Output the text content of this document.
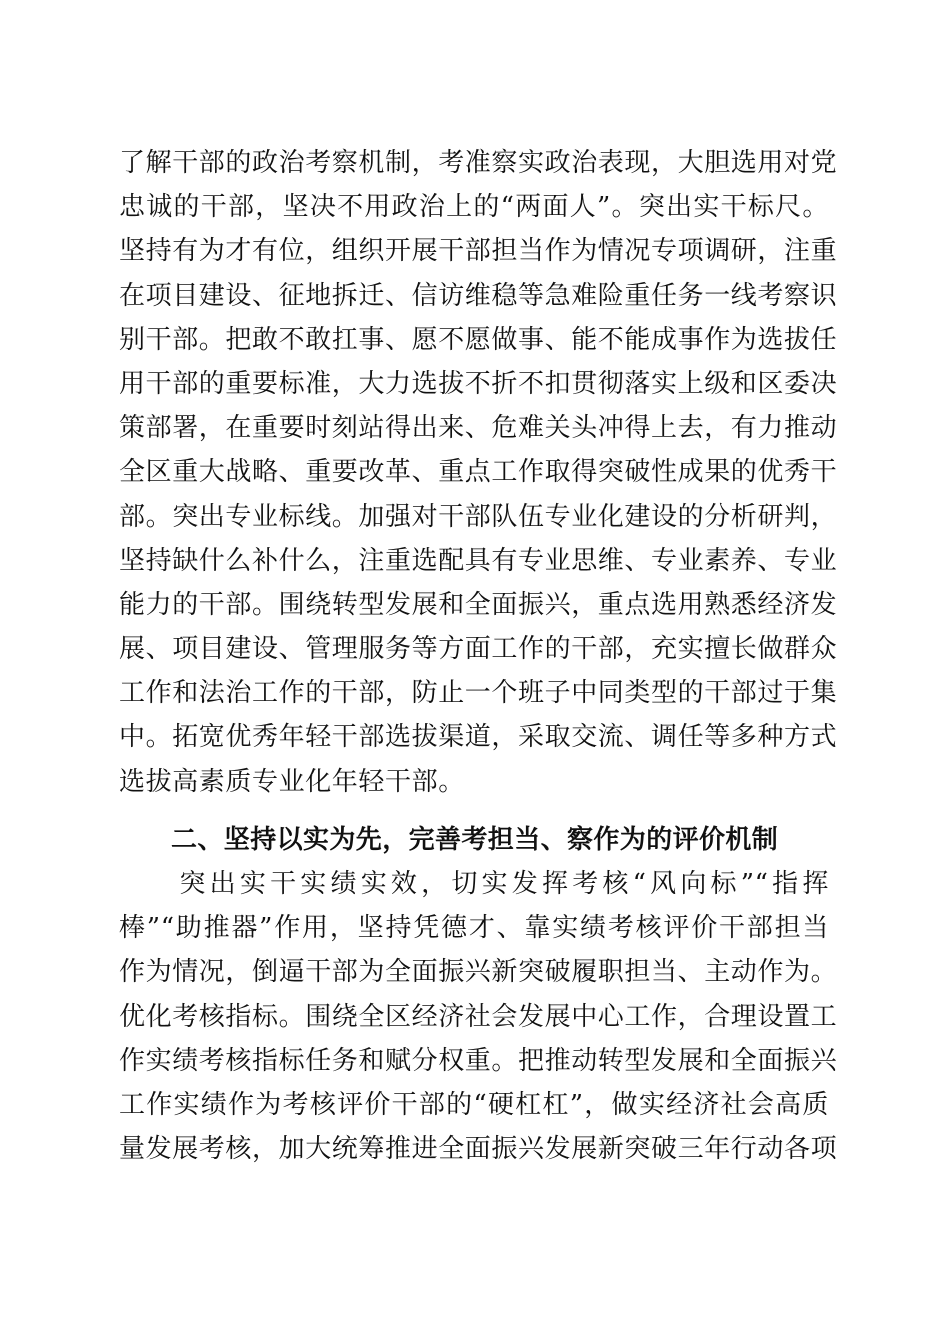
了解干部的政治考察机制，考准察实政治表现，大胆选用对党
忠诚的干部，坚决不用政治上的“两面人”。突出实干标尺。
坚持有为才有位，组织开展干部担当作为情况专项调研，注重
在项目建设、征地拆迁、信访维稳等急难险重任务一线考察识
别干部。把敢不敢扛事、愿不愿做事、能不能成事作为选拔任
用干部的重要标准，大力选拔不折不扣贯彻落实上级和区委决
策部署，在重要时刻站得出来、危难关头冲得上去，有力推动
全区重大战略、重要改革、重点工作取得突破性成果的优秀干
部。突出专业标线。加强对干部队伍专业化建设的分析研判，
坚持缺什么补什么，注重选配具有专业思维、专业素养、专业
能力的干部。围绕转型发展和全面振兴，重点选用熟悉经济发
展、项目建设、管理服务等方面工作的干部，充实擅长做群众
工作和法治工作的干部，防止一个班子中同类型的干部过于集
中。拓宽优秀年轻干部选拔渠道，采取交流、调任等多种方式
选拔高素质专业化年轻干部。
二、坚持以实为先，完善考担当、察作为的评价机制
　　突出实干实绩实效，切实发挥考核“风向标”“指挥
棒”“助推器”作用，坚持凭德才、靠实绩考核评价干部担当
作为情况，倒逼干部为全面振兴新突破履职担当、主动作为。
优化考核指标。围绕全区经济社会发展中心工作，合理设置工
作实绩考核指标任务和赋分权重。把推动转型发展和全面振兴
工作实绩作为考核评价干部的“硬杠杠”，做实经济社会高质
量发展考核，加大统筹推进全面振兴发展新突破三年行动各项
